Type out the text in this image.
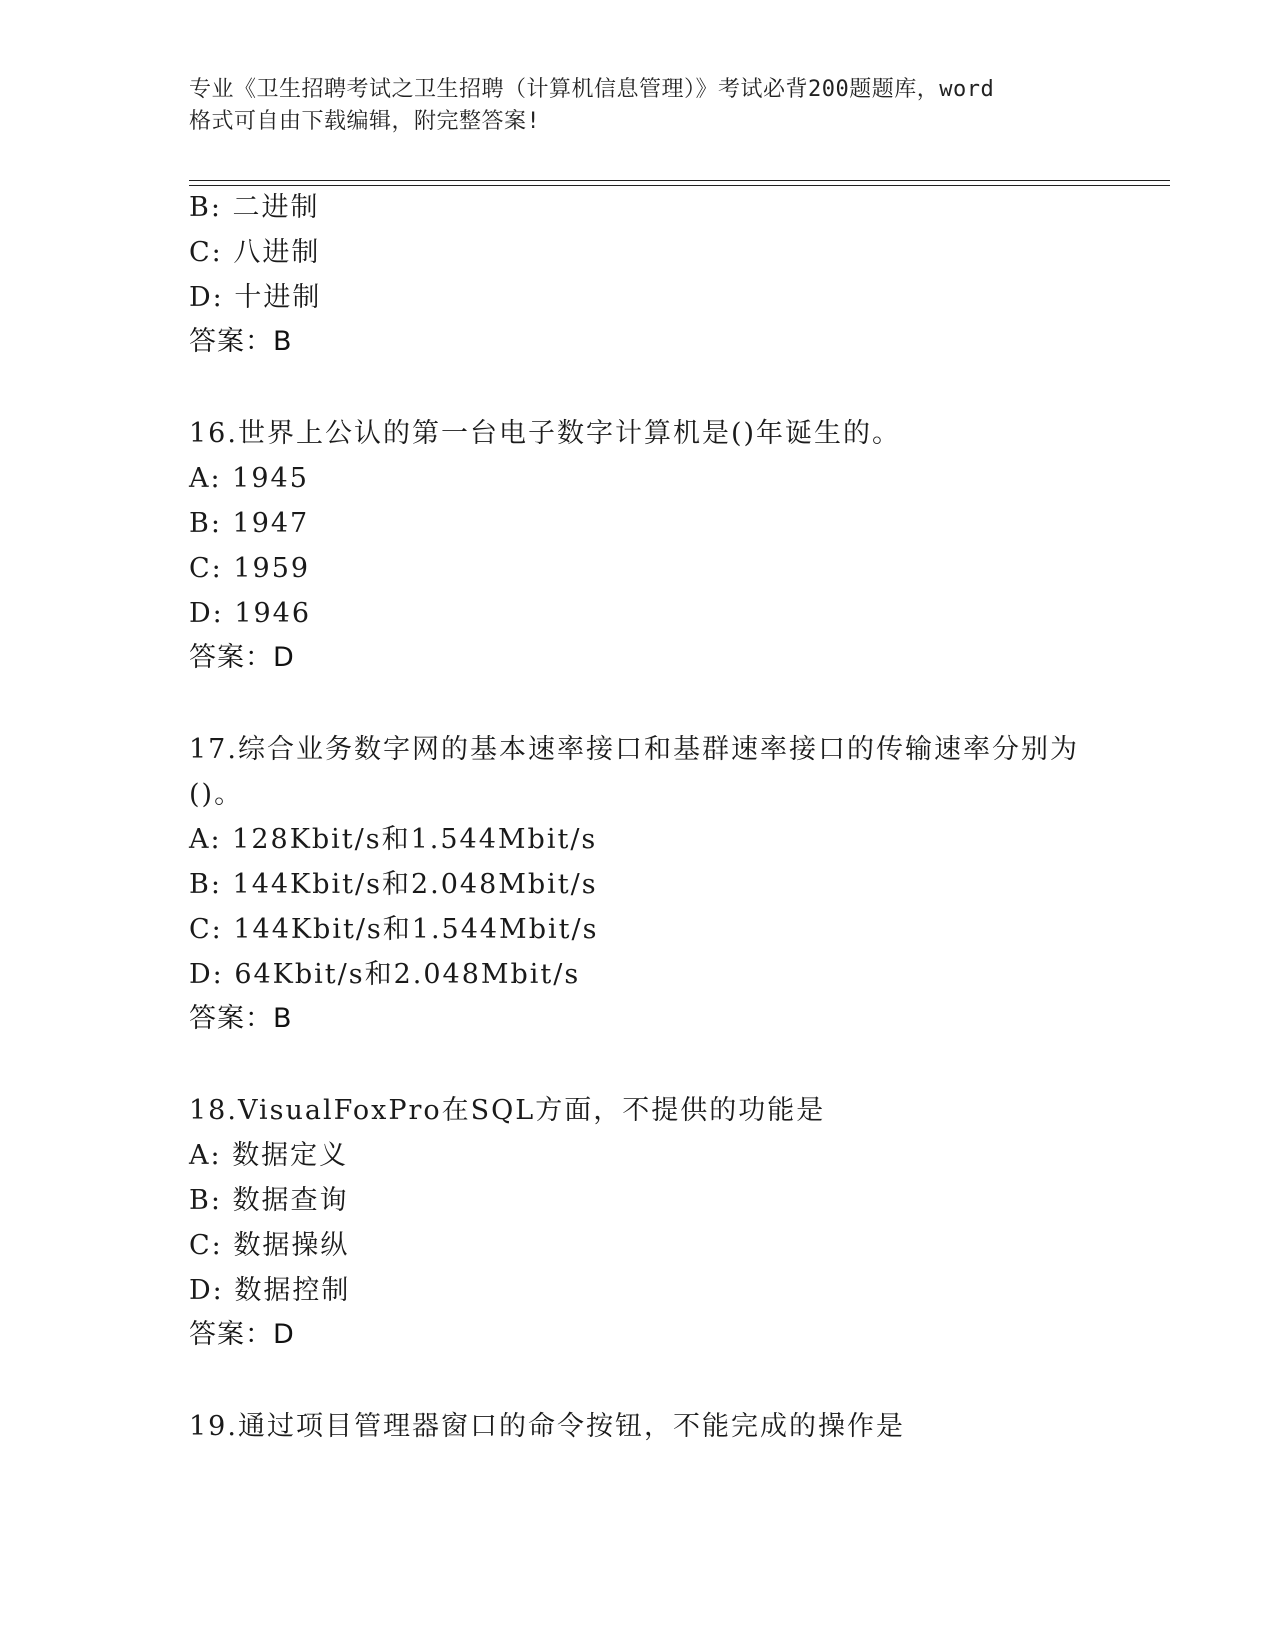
专业《卫生招聘考试之卫生招聘（计算机信息管理）》考试必背200题题库，word
格式可自由下载编辑，附完整答案!
B: 二进制
C: 八进制
D: 十进制
答案：B
16.世界上公认的第一台电子数字计算机是()年诞生的。
A: 1945
B: 1947
C: 1959
D: 1946
答案：D
17.综合业务数字网的基本速率接口和基群速率接口的传输速率分别为
()。
A: 128Kbit/s和1.544Mbit/s
B: 144Kbit/s和2.048Mbit/s
C: 144Kbit/s和1.544Mbit/s
D: 64Kbit/s和2.048Mbit/s
答案：B
18.VisualFoxPro在SQL方面，不提供的功能是
A: 数据定义
B: 数据查询
C: 数据操纵
D: 数据控制
答案：D
19.通过项目管理器窗口的命令按钮，不能完成的操作是
